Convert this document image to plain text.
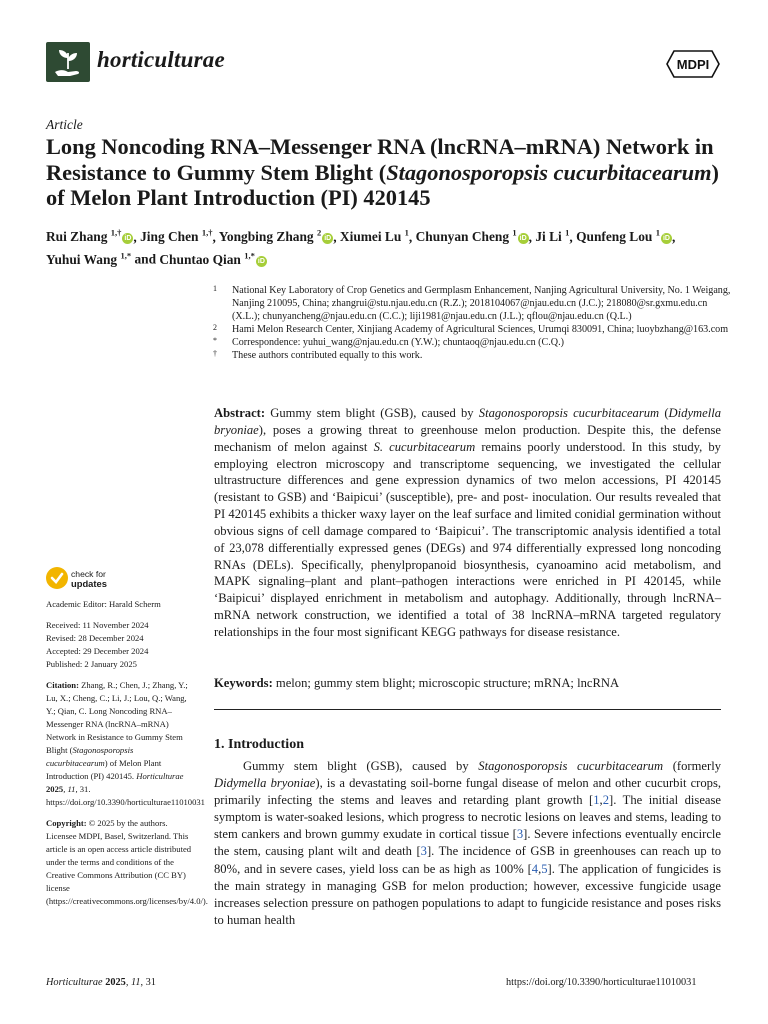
horticulturae	MDPI
Article
Long Noncoding RNA–Messenger RNA (lncRNA–mRNA) Network in Resistance to Gummy Stem Blight (Stagonosporopsis cucurbitacearum) of Melon Plant Introduction (PI) 420145
Rui Zhang $^{1,\dagger}$iD , Jing Chen $^{1,\dagger}$, Yongbing Zhang $^2$iD , Xiumei Lu $^1$, Chunyan Cheng $^1$iD , Ji Li $^1$, Qunfeng Lou $^1$iD ,
Yuhui Wang $^{1,*}$ and Chuntao Qian $^{1,*}$iD

1 National Key Laboratory of Crop Genetics and Germplasm Enhancement, Nanjing Agricultural University, No. 1 Weigang, Nanjing 210095, China; zhangrui@stu.njau.edu.cn (R.Z.); 2018104067@njau.edu.cn (J.C.); 218080@sr.gxmu.edu.cn (X.L.); chunyancheng@njau.edu.cn (C.C.); liji1981@njau.edu.cn (J.L.); qflou@njau.edu.cn (Q.L.)

2 Hami Melon Research Center, Xinjiang Academy of Agricultural Sciences, Urumqi 830091, China; luoybzhang@163.com

* Correspondence: yuhui_wang@njau.edu.cn (Y.W.); chuntaoq@njau.edu.cn (C.Q.)

† These authors contributed equally to this work.

Abstract: Gummy stem blight (GSB), caused by Stagonosporopsis cucurbitacearum (Didymella bryoniae), poses a growing threat to greenhouse melon production. Despite this, the defense mechanism of melon against S. cucurbitacearum remains poorly understood. In this study, by employing electron microscopy and transcriptome sequencing, we investigated the cellular ultrastructure differences and gene expression dynamics of two melon accessions, PI 420145 (resistant to GSB) and ‘Baipicui’ (susceptible), pre- and post- inoculation. Our results revealed that PI 420145 exhibits a thicker waxy layer on the leaf surface and limited conidial germination without obvious signs of cell damage compared to ‘Baipicui’. The transcriptomic analysis identified a total of 23,078 differentially expressed genes (DEGs) and 974 differentially expressed long noncoding RNAs (DELs). Specifically, phenylpropanoid biosynthesis, cyanoamino acid metabolism, and MAPK signaling–plant and plant–pathogen interactions were enriched in PI 420145, while ‘Baipicui’ displayed enrichment in metabolism and autophagy. Additionally, through lncRNA–mRNA network construction, we identified a total of 38 lncRNA–mRNA targeted regulatory relationships in the four most significant KEGG pathways for disease resistance.
Keywords: melon; gummy stem blight; microscopic structure; mRNA; lncRNA
1. Introduction
Gummy stem blight (GSB), caused by Stagonosporopsis cucurbitacearum (formerly Didymella bryoniae), is a devastating soil-borne fungal disease of melon and other cucurbit crops, primarily infecting the stems and leaves and retarding plant growth [1,2]. The initial disease symptom is water-soaked lesions, which progress to necrotic lesions on leaves and stems, leading to stem cankers and brown gummy exudate in cortical tissue [3]. Severe infections eventually encircle the stem, causing plant wilt and death [3]. The incidence of GSB in greenhouses can reach up to 80%, and in severe cases, yield loss can be as high as 100% [4,5]. The application of fungicides is the main strategy in managing GSB for melon production; however, excessive fungicide usage increases selection pressure on pathogen populations to adapt to fungicide resistance and poses risks to human health
check for
updates

Academic Editor: Harald Scherm

Received: 11 November 2024

Revised: 28 December 2024

Accepted: 29 December 2024

Published: 2 January 2025

Citation: Zhang, R.; Chen, J.; Zhang, Y.; Lu, X.; Cheng, C.; Li, J.; Lou, Q.; Wang, Y.; Qian, C. Long Noncoding RNA–Messenger RNA (lncRNA–mRNA) Network in Resistance to Gummy Stem Blight (Stagonosporopsis cucurbitacearum) of Melon Plant Introduction (PI) 420145. Horticulturae 2025, 11, 31. https://doi.org/10.3390/horticulturae11010031

Copyright: © 2025 by the authors. Licensee MDPI, Basel, Switzerland. This article is an open access article distributed under the terms and conditions of the Creative Commons Attribution (CC BY) license (https://creativecommons.org/licenses/by/4.0/).

Horticulturae 2025, 11, 31	https://doi.org/10.3390/horticulturae11010031
